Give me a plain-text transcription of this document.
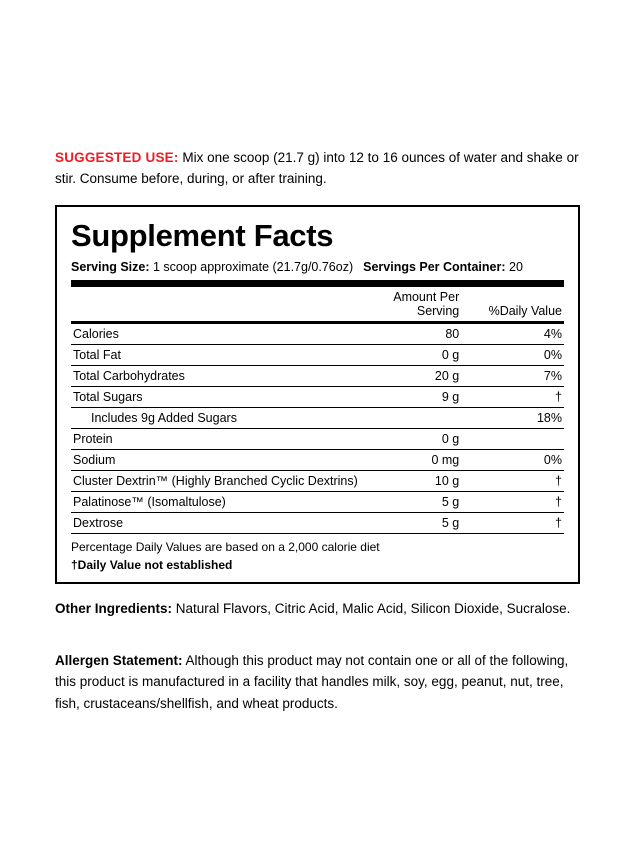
SUGGESTED USE: Mix one scoop (21.7 g) into 12 to 16 ounces of water and shake or stir. Consume before, during, or after training.
Supplement Facts
Serving Size: 1 scoop approximate (21.7g/0.76oz) Servings Per Container: 20
	Amount Per Serving	%Daily Value
Calories	80	4%
Total Fat	0 g	0%
Total Carbohydrates	20 g	7%
Total Sugars	9 g	†
Includes 9g Added Sugars		18%
Protein	0 g	
Sodium	0 mg	0%
Cluster Dextrin™ (Highly Branched Cyclic Dextrins)	10 g	†
Palatinose™ (Isomaltulose)	5 g	†
Dextrose	5 g	†
Percentage Daily Values are based on a 2,000 calorie diet
†Daily Value not established
Other Ingredients: Natural Flavors, Citric Acid, Malic Acid, Silicon Dioxide, Sucralose.
Allergen Statement: Although this product may not contain one or all of the following, this product is manufactured in a facility that handles milk, soy, egg, peanut, nut, tree, fish, crustaceans/shellfish, and wheat products.
